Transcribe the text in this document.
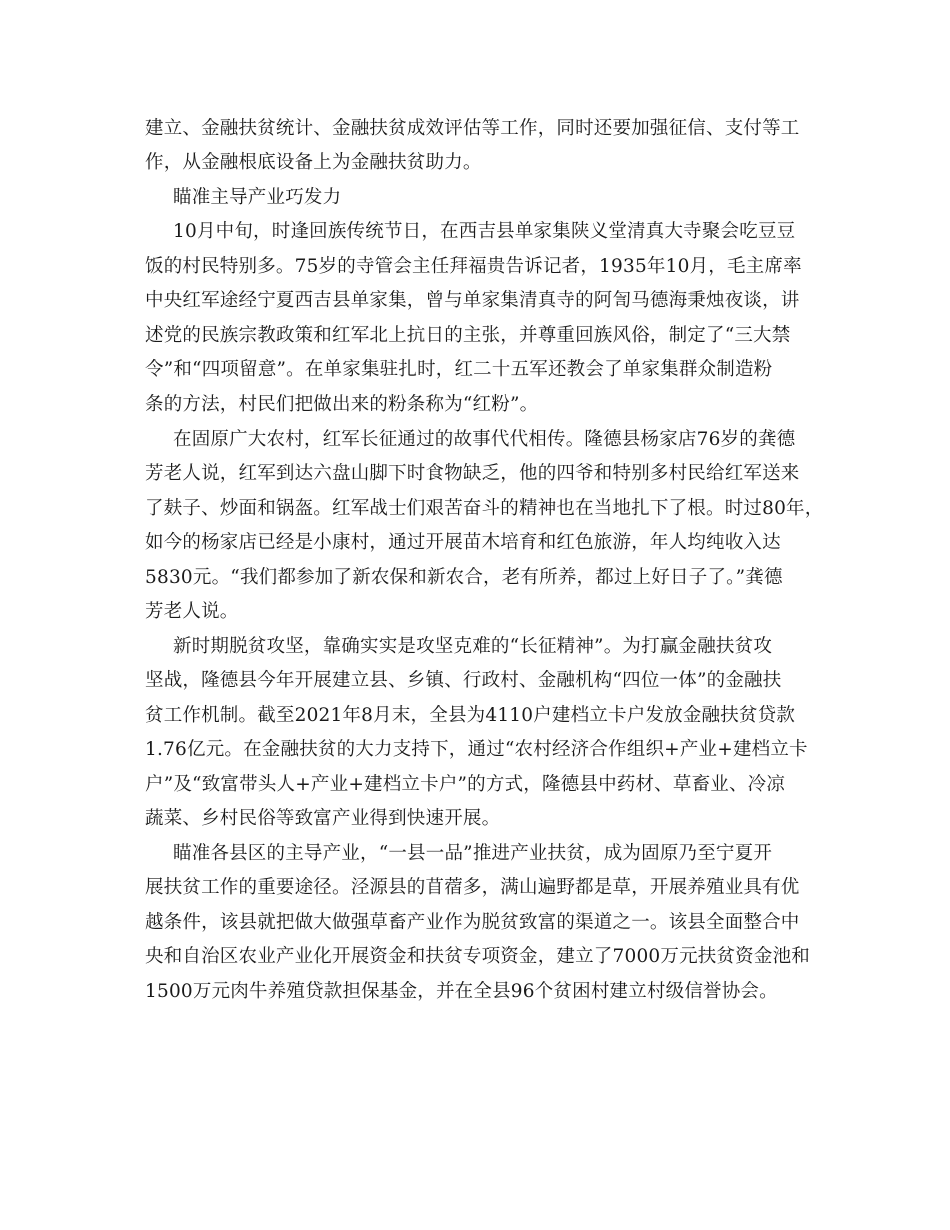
建立、金融扶贫统计、金融扶贫成效评估等工作，同时还要加强征信、支付等工
作，从金融根底设备上为金融扶贫助力。
瞄准主导产业巧发力
10月中旬，时逢回族传统节日，在西吉县单家集陕义堂清真大寺聚会吃豆豆
饭的村民特别多。75岁的寺管会主任拜福贵告诉记者，1935年10月，毛主席率
中央红军途经宁夏西吉县单家集，曾与单家集清真寺的阿訇马德海秉烛夜谈，讲
述党的民族宗教政策和红军北上抗日的主张，并尊重回族风俗，制定了“三大禁
令”和“四项留意”。在单家集驻扎时，红二十五军还教会了单家集群众制造粉
条的方法，村民们把做出来的粉条称为“红粉”。
在固原广大农村，红军长征通过的故事代代相传。隆德县杨家店76岁的龚德
芳老人说，红军到达六盘山脚下时食物缺乏，他的四爷和特别多村民给红军送来
了麸子、炒面和锅盔。红军战士们艰苦奋斗的精神也在当地扎下了根。时过80年，
如今的杨家店已经是小康村，通过开展苗木培育和红色旅游，年人均纯收入达
5830元。“我们都参加了新农保和新农合，老有所养，都过上好日子了。”龚德
芳老人说。
新时期脱贫攻坚，靠确实实是攻坚克难的“长征精神”。为打赢金融扶贫攻
坚战，隆德县今年开展建立县、乡镇、行政村、金融机构“四位一体”的金融扶
贫工作机制。截至2021年8月末，全县为4110户建档立卡户发放金融扶贫贷款
1.76亿元。在金融扶贫的大力支持下，通过“农村经济合作组织+产业+建档立卡
户”及“致富带头人+产业+建档立卡户”的方式，隆德县中药材、草畜业、冷凉
蔬菜、乡村民俗等致富产业得到快速开展。
瞄准各县区的主导产业，“一县一品”推进产业扶贫，成为固原乃至宁夏开
展扶贫工作的重要途径。泾源县的苜蓿多，满山遍野都是草，开展养殖业具有优
越条件，该县就把做大做强草畜产业作为脱贫致富的渠道之一。该县全面整合中
央和自治区农业产业化开展资金和扶贫专项资金，建立了7000万元扶贫资金池和
1500万元肉牛养殖贷款担保基金，并在全县96个贫困村建立村级信誉协会。
